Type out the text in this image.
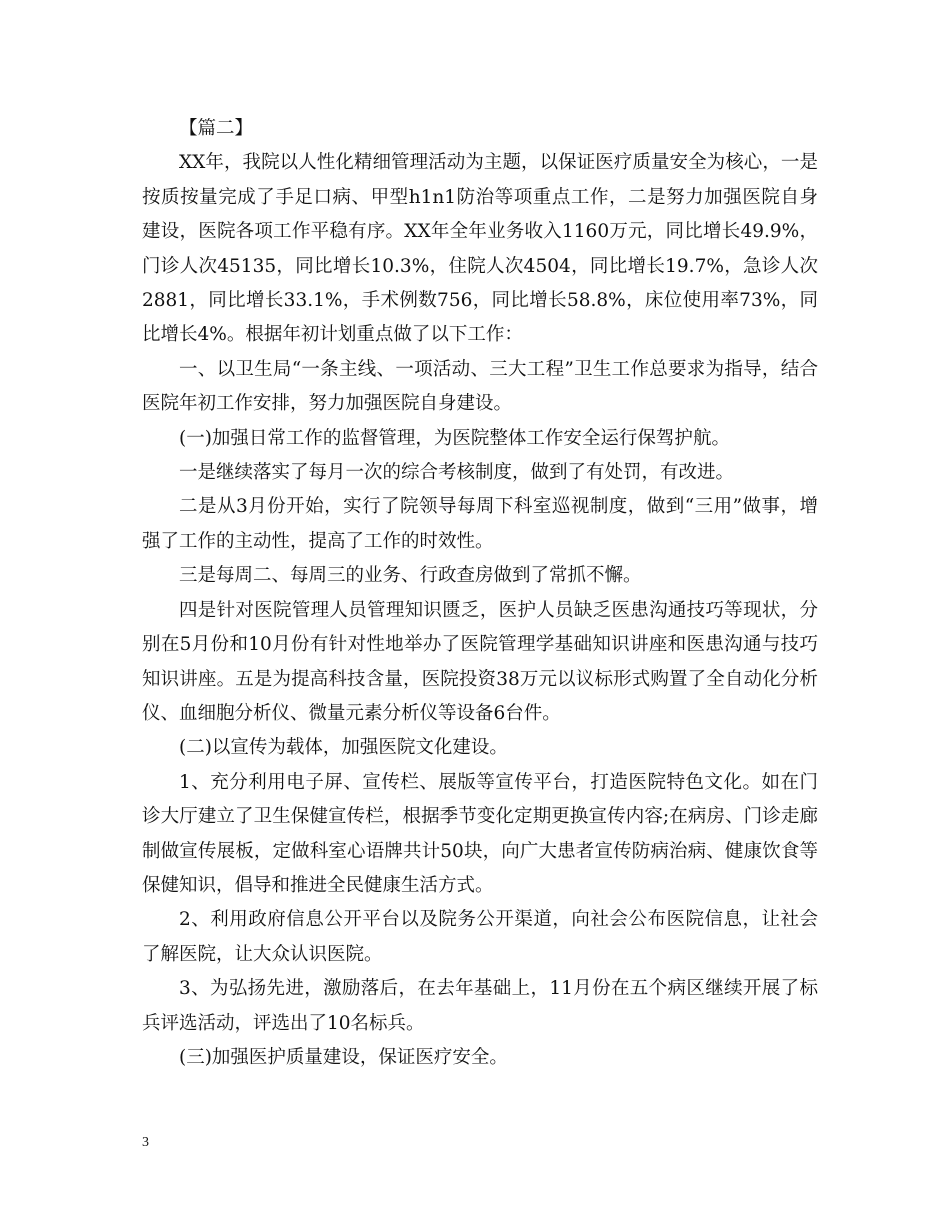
【篇二】

XX年，我院以人性化精细管理活动为主题，以保证医疗质量安全为核心，一是按质按量完成了手足口病、甲型h1n1防治等项重点工作，二是努力加强医院自身建设，医院各项工作平稳有序。XX年全年业务收入1160万元，同比增长49.9%，门诊人次45135，同比增长10.3%，住院人次4504，同比增长19.7%，急诊人次2881，同比增长33.1%，手术例数756，同比增长58.8%，床位使用率73%，同比增长4%。根据年初计划重点做了以下工作：

一、以卫生局“一条主线、一项活动、三大工程”卫生工作总要求为指导，结合医院年初工作安排，努力加强医院自身建设。

(一)加强日常工作的监督管理，为医院整体工作安全运行保驾护航。

一是继续落实了每月一次的综合考核制度，做到了有处罚，有改进。

二是从3月份开始，实行了院领导每周下科室巡视制度，做到“三用”做事，增强了工作的主动性，提高了工作的时效性。

三是每周二、每周三的业务、行政查房做到了常抓不懈。

四是针对医院管理人员管理知识匮乏，医护人员缺乏医患沟通技巧等现状，分别在5月份和10月份有针对性地举办了医院管理学基础知识讲座和医患沟通与技巧知识讲座。五是为提高科技含量，医院投资38万元以议标形式购置了全自动化分析仪、血细胞分析仪、微量元素分析仪等设备6台件。

(二)以宣传为载体，加强医院文化建设。

1、充分利用电子屏、宣传栏、展版等宣传平台，打造医院特色文化。如在门诊大厅建立了卫生保健宣传栏，根据季节变化定期更换宣传内容;在病房、门诊走廊制做宣传展板，定做科室心语牌共计50块，向广大患者宣传防病治病、健康饮食等保健知识，倡导和推进全民健康生活方式。

2、利用政府信息公开平台以及院务公开渠道，向社会公布医院信息，让社会了解医院，让大众认识医院。

3、为弘扬先进，激励落后，在去年基础上，11月份在五个病区继续开展了标兵评选活动，评选出了10名标兵。

(三)加强医护质量建设，保证医疗安全。

3
